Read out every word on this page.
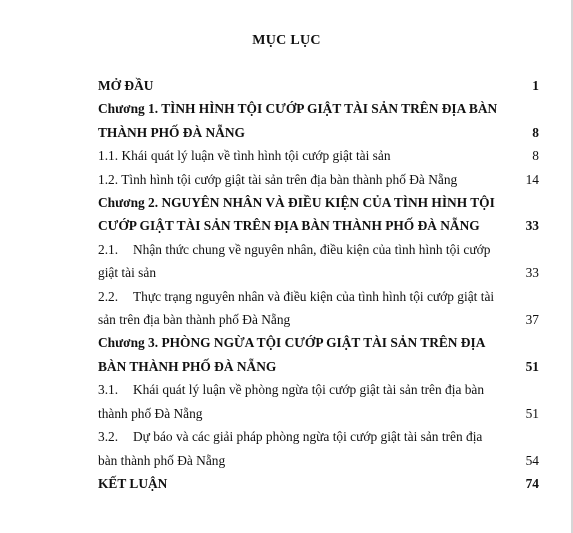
MỤC LỤC
MỞ ĐẦU	1
Chương 1. TÌNH HÌNH TỘI CƯỚP GIẬT TÀI SẢN TRÊN ĐỊA BÀN THÀNH PHỐ ĐÀ NẴNG	8
1.1. Khái quát lý luận về tình hình tội cướp giật tài sản	8
1.2. Tình hình tội cướp giật tài sản trên địa bàn thành phố Đà Nẵng	14
Chương 2. NGUYÊN NHÂN VÀ ĐIỀU KIỆN CỦA TÌNH HÌNH TỘI CƯỚP GIẬT TÀI SẢN TRÊN ĐỊA BÀN THÀNH PHỐ ĐÀ NẴNG	33
2.1. Nhận thức chung về nguyên nhân, điều kiện của tình hình tội cướp giật tài sản	33
2.2. Thực trạng nguyên nhân và điều kiện của tình hình tội cướp giật tài sản trên địa bàn thành phố Đà Nẵng	37
Chương 3. PHÒNG NGỪA TỘI CƯỚP GIẬT TÀI SẢN TRÊN ĐỊA BÀN THÀNH PHỐ ĐÀ NẴNG	51
3.1. Khái quát lý luận về phòng ngừa tội cướp giật tài sản trên địa bàn thành phố Đà Nẵng	51
3.2. Dự báo và các giải pháp phòng ngừa tội cướp giật tài sản trên địa bàn thành phố Đà Nẵng	54
KẾT LUẬN	74
